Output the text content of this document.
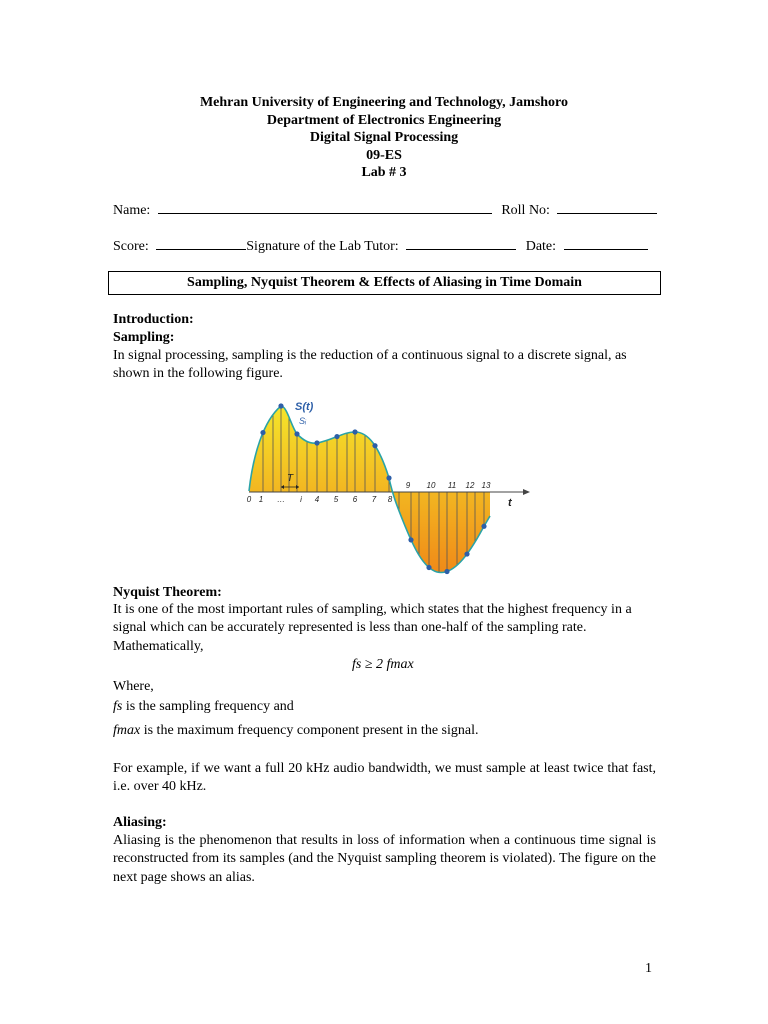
Mehran University of Engineering and Technology, Jamshoro
Department of Electronics Engineering
Digital Signal Processing
09-ES
Lab # 3
Name:	Roll No:
Score:	Signature of the Lab Tutor:	Date:
Sampling, Nyquist Theorem & Effects of Aliasing in Time Domain
Introduction:
Sampling:
In signal processing, sampling is the reduction of a continuous signal to a discrete signal, as shown in the following figure.
S(t)
Sᵢ
T
t
0 1 … i 4 5 6 7 8
9 10 11 12 13
Nyquist Theorem:
It is one of the most important rules of sampling, which states that the highest frequency in a signal which can be accurately represented is less than one-half of the sampling rate. Mathematically,
fs ≥ 2 fmax
Where,
fs is the sampling frequency and
fmax is the maximum frequency component present in the signal.
For example, if we want a full 20 kHz audio bandwidth, we must sample at least twice that fast, i.e. over 40 kHz.
Aliasing:
Aliasing is the phenomenon that results in loss of information when a continuous time signal is reconstructed from its samples (and the Nyquist sampling theorem is violated). The figure on the next page shows an alias.
1
